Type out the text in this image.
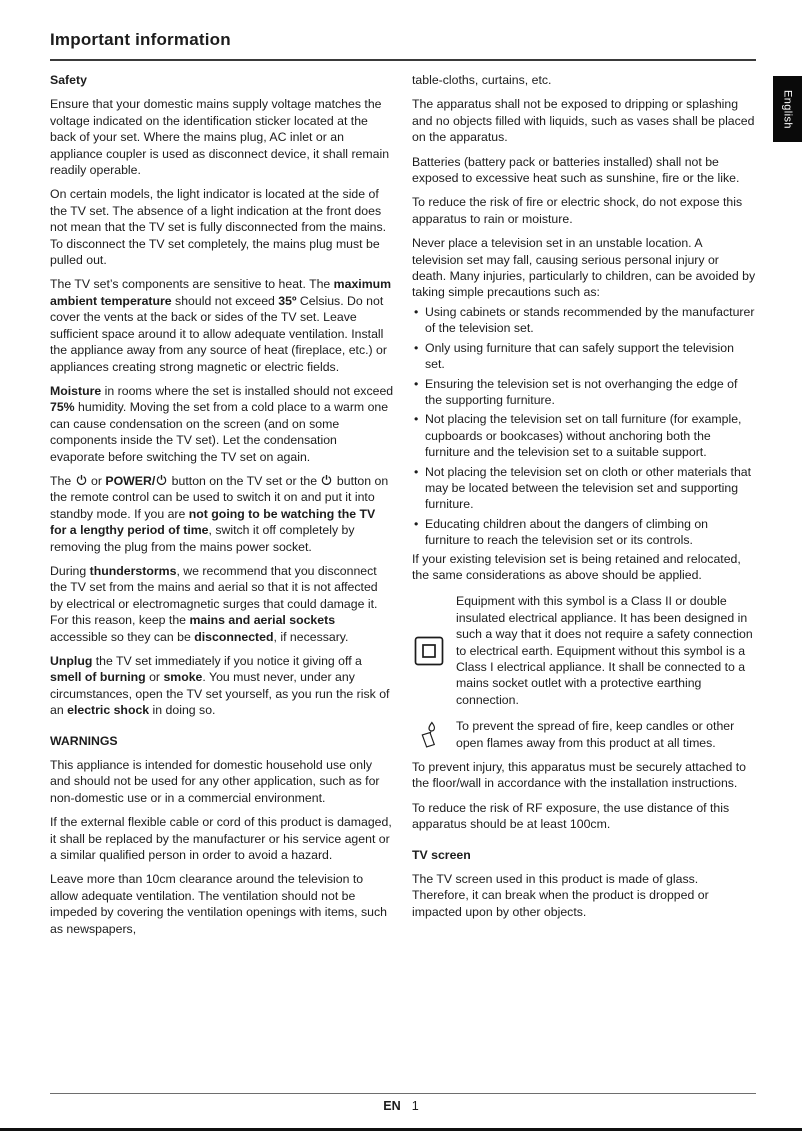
Important information
English
Safety
Ensure that your domestic mains supply voltage matches the voltage indicated on the identification sticker located at the back of your set. Where the mains plug, AC inlet or an appliance coupler is used as disconnect device, it shall remain readily operable.
On certain models, the light indicator is located at the side of the TV set. The absence of a light indication at the front does not mean that the TV set is fully disconnected from the mains. To disconnect the TV set completely, the mains plug must be pulled out.
The TV set’s components are sensitive to heat. The maximum ambient temperature should not exceed 35º Celsius. Do not cover the vents at the back or sides of the TV set. Leave sufficient space around it to allow adequate ventilation. Install the appliance away from any source of heat (fireplace, etc.) or appliances creating strong magnetic or electric fields.
Moisture in rooms where the set is installed should not exceed 75% humidity. Moving the set from a cold place to a warm one can cause condensation on the screen (and on some components inside the TV set). Let the condensation evaporate before switching the TV set on again.
The  or POWER/ button on the TV set or the  button on the remote control can be used to switch it on and put it into standby mode. If you are not going to be watching the TV for a lengthy period of time, switch it off completely by removing the plug from the mains power socket.
During thunderstorms, we recommend that you disconnect the TV set from the mains and aerial so that it is not affected by electrical or electromagnetic surges that could damage it. For this reason, keep the mains and aerial sockets accessible so they can be disconnected, if necessary.
Unplug the TV set immediately if you notice it giving off a smell of burning or smoke. You must never, under any circumstances, open the TV set yourself, as you run the risk of an electric shock in doing so.
WARNINGS
This appliance is intended for domestic household use only and should not be used for any other application, such as for non-domestic use or in a commercial environment.
If the external flexible cable or cord of this product is damaged, it shall be replaced by the manufacturer or his service agent or a similar qualified person in order to avoid a hazard.
Leave more than 10cm clearance around the television to allow adequate ventilation. The ventilation should not be impeded by covering the ventilation openings with items, such as newspapers,
table-cloths, curtains, etc.
The apparatus shall not be exposed to dripping or splashing and no objects filled with liquids, such as vases shall be placed on the apparatus.
Batteries (battery pack or batteries installed) shall not be exposed to excessive heat such as sunshine, fire or the like.
To reduce the risk of fire or electric shock, do not expose this apparatus to rain or moisture.
Never place a television set in an unstable location. A television set may fall, causing serious personal injury or death. Many injuries, particularly to children, can be avoided by taking simple precautions such as:
• Using cabinets or stands recommended by the manufacturer of the television set.
• Only using furniture that can safely support the television set.
• Ensuring the television set is not overhanging the edge of the supporting furniture.
• Not placing the television set on tall furniture (for example, cupboards or bookcases) without anchoring both the furniture and the television set to a suitable support.
• Not placing the television set on cloth or other materials that may be located between the television set and supporting furniture.
• Educating children about the dangers of climbing on furniture to reach the television set or its controls.
If your existing television set is being retained and relocated, the same considerations as above should be applied.
Equipment with this symbol is a Class II or double insulated electrical appliance. It has been designed in such a way that it does not require a safety connection to electrical earth. Equipment without this symbol is a Class I electrical appliance. It shall be connected to a mains socket outlet with a protective earthing connection.
To prevent the spread of fire, keep candles or other open flames away from this product at all times.
To prevent injury, this apparatus must be securely attached to the floor/wall in accordance with the installation instructions.
To reduce the risk of RF exposure, the use distance of this apparatus should be at least 100cm.
TV screen
The TV screen used in this product is made of glass. Therefore, it can break when the product is dropped or impacted upon by other objects.
EN 1
